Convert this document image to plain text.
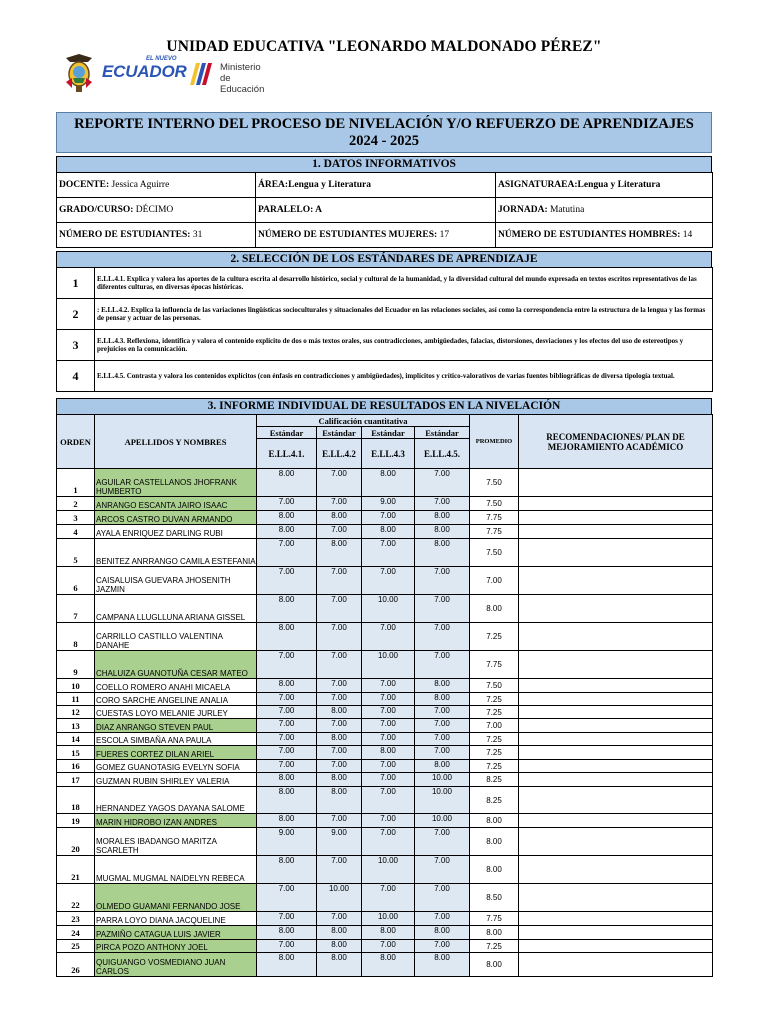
UNIDAD EDUCATIVA "LEONARDO MALDONADO PÉREZ"
EL NUEVO
ECUADOR	Ministerio
de Educación
REPORTE INTERNO DEL PROCESO DE NIVELACIÓN Y/O REFUERZO DE APRENDIZAJES
2024 - 2025
1. DATOS INFORMATIVOS
DOCENTE: Jessica Aguirre	ÁREA:Lengua y Literatura	ASIGNATURAEA:Lengua y Literatura
GRADO/CURSO: DÉCIMO	PARALELO: A	JORNADA: Matutina
NÚMERO DE ESTUDIANTES: 31	NÚMERO DE ESTUDIANTES MUJERES: 17	NÚMERO DE ESTUDIANTES HOMBRES: 14
2. SELECCIÓN DE LOS ESTÁNDARES DE APRENDIZAJE
1	E.LL.4.1. Explica y valora los aportes de la cultura escrita al desarrollo histórico, social y cultural de la humanidad, y la diversidad cultural del mundo expresada en textos escritos representativos de las diferentes culturas, en diversas épocas históricas.
2	: E.LL.4.2. Explica la influencia de las variaciones lingüísticas socioculturales y situacionales del Ecuador en las relaciones sociales, así como la correspondencia entre la estructura de la lengua y las formas de pensar y actuar de las personas.
3	E.LL.4.3. Reflexiona, identifica y valora el contenido explícito de dos o más textos orales, sus contradicciones, ambigüedades, falacias, distorsiones, desviaciones y los efectos del uso de estereotipos y prejuicios en la comunicación.
4	E.LL.4.5. Contrasta y valora los contenidos explícitos (con énfasis en contradicciones y ambigüedades), implícitos y crítico-valorativos de varias fuentes bibliográficas de diversa tipología textual.
3. INFORME INDIVIDUAL DE RESULTADOS EN LA NIVELACIÓN
ORDEN	APELLIDOS Y NOMBRES	Calificación cuantitativa				PROMEDIO	RECOMENDACIONES/ PLAN DE MEJORAMIENTO ACADÉMICO
		Estándar	Estándar	Estándar	Estándar		
		E.LL.4.1.	E.LL.4.2	E.LL.4.3	E.LL.4.5.		
1	AGUILAR CASTELLANOS JHOFRANK HUMBERTO	8.00	7.00	8.00	7.00	7.50	
2	ANRANGO ESCANTA JAIRO ISAAC	7.00	7.00	9.00	7.00	7.50	
3	ARCOS CASTRO DUVAN ARMANDO	8.00	8.00	7.00	8.00	7.75	
4	AYALA ENRIQUEZ DARLING RUBI	8.00	7.00	8.00	8.00	7.75	
5	BENITEZ ANRRANGO CAMILA ESTEFANIA	7.00	8.00	7.00	8.00	7.50	
6	CAISALUISA GUEVARA JHOSENITH JAZMIN	7.00	7.00	7.00	7.00	7.00	
7	CAMPANA LLUGLLUNA ARIANA GISSEL	8.00	7.00	10.00	7.00	8.00	
8	CARRILLO CASTILLO VALENTINA DANAHE	8.00	7.00	7.00	7.00	7.25	
9	CHALUIZA GUANOTUÑA CESAR MATEO	7.00	7.00	10.00	7.00	7.75	
10	COELLO ROMERO ANAHI MICAELA	8.00	7.00	7.00	8.00	7.50	
11	CORO SARCHE ANGELINE ANALIA	7.00	7.00	7.00	8.00	7.25	
12	CUESTAS LOYO MELANIE JURLEY	7.00	8.00	7.00	7.00	7.25	
13	DIAZ ANRANGO STEVEN PAUL	7.00	7.00	7.00	7.00	7.00	
14	ESCOLA SIMBAÑA ANA PAULA	7.00	8.00	7.00	7.00	7.25	
15	FUERES CORTEZ DILAN ARIEL	7.00	7.00	8.00	7.00	7.25	
16	GOMEZ GUANOTASIG EVELYN SOFIA	7.00	7.00	7.00	8.00	7.25	
17	GUZMAN RUBIN SHIRLEY VALERIA	8.00	8.00	7.00	10.00	8.25	
18	HERNANDEZ YAGOS DAYANA SALOME	8.00	8.00	7.00	10.00	8.25	
19	MARIN HIDROBO IZAN ANDRES	8.00	7.00	7.00	10.00	8.00	
20	MORALES IBADANGO MARITZA SCARLETH	9.00	9.00	7.00	7.00	8.00	
21	MUGMAL MUGMAL NAIDELYN REBECA	8.00	7.00	10.00	7.00	8.00	
22	OLMEDO GUAMANI FERNANDO JOSE	7.00	10.00	7.00	7.00	8.50	
23	PARRA LOYO DIANA JACQUELINE	7.00	7.00	10.00	7.00	7.75	
24	PAZMIÑO CATAGUA LUIS JAVIER	8.00	8.00	8.00	8.00	8.00	
25	PIRCA POZO ANTHONY JOEL	7.00	8.00	7.00	7.00	7.25	
26	QUIGUANGO VOSMEDIANO JUAN CARLOS	8.00	8.00	8.00	8.00	8.00	
